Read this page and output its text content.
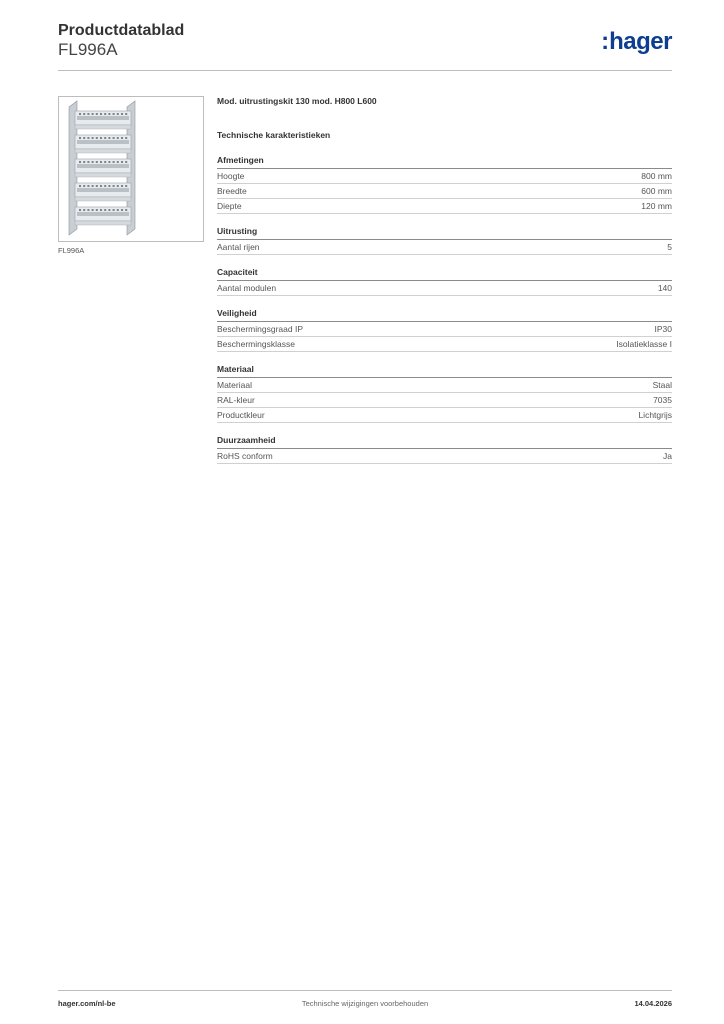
Productdatablad
FL996A	:hager
FL996A
Mod. uitrustingskit 130 mod. H800 L600
Technische karakteristieken
Afmetingen
Hoogte	800 mm
Breedte	600 mm
Diepte	120 mm
Uitrusting
Aantal rijen	5
Capaciteit
Aantal modulen	140
Veiligheid
Beschermingsgraad IP	IP30
Beschermingsklasse	Isolatieklasse I
Materiaal
Materiaal	Staal
RAL-kleur	7035
Productkleur	Lichtgrijs
Duurzaamheid
RoHS conform	Ja
hager.com/nl-be	Technische wijzigingen voorbehouden	14.04.2026
